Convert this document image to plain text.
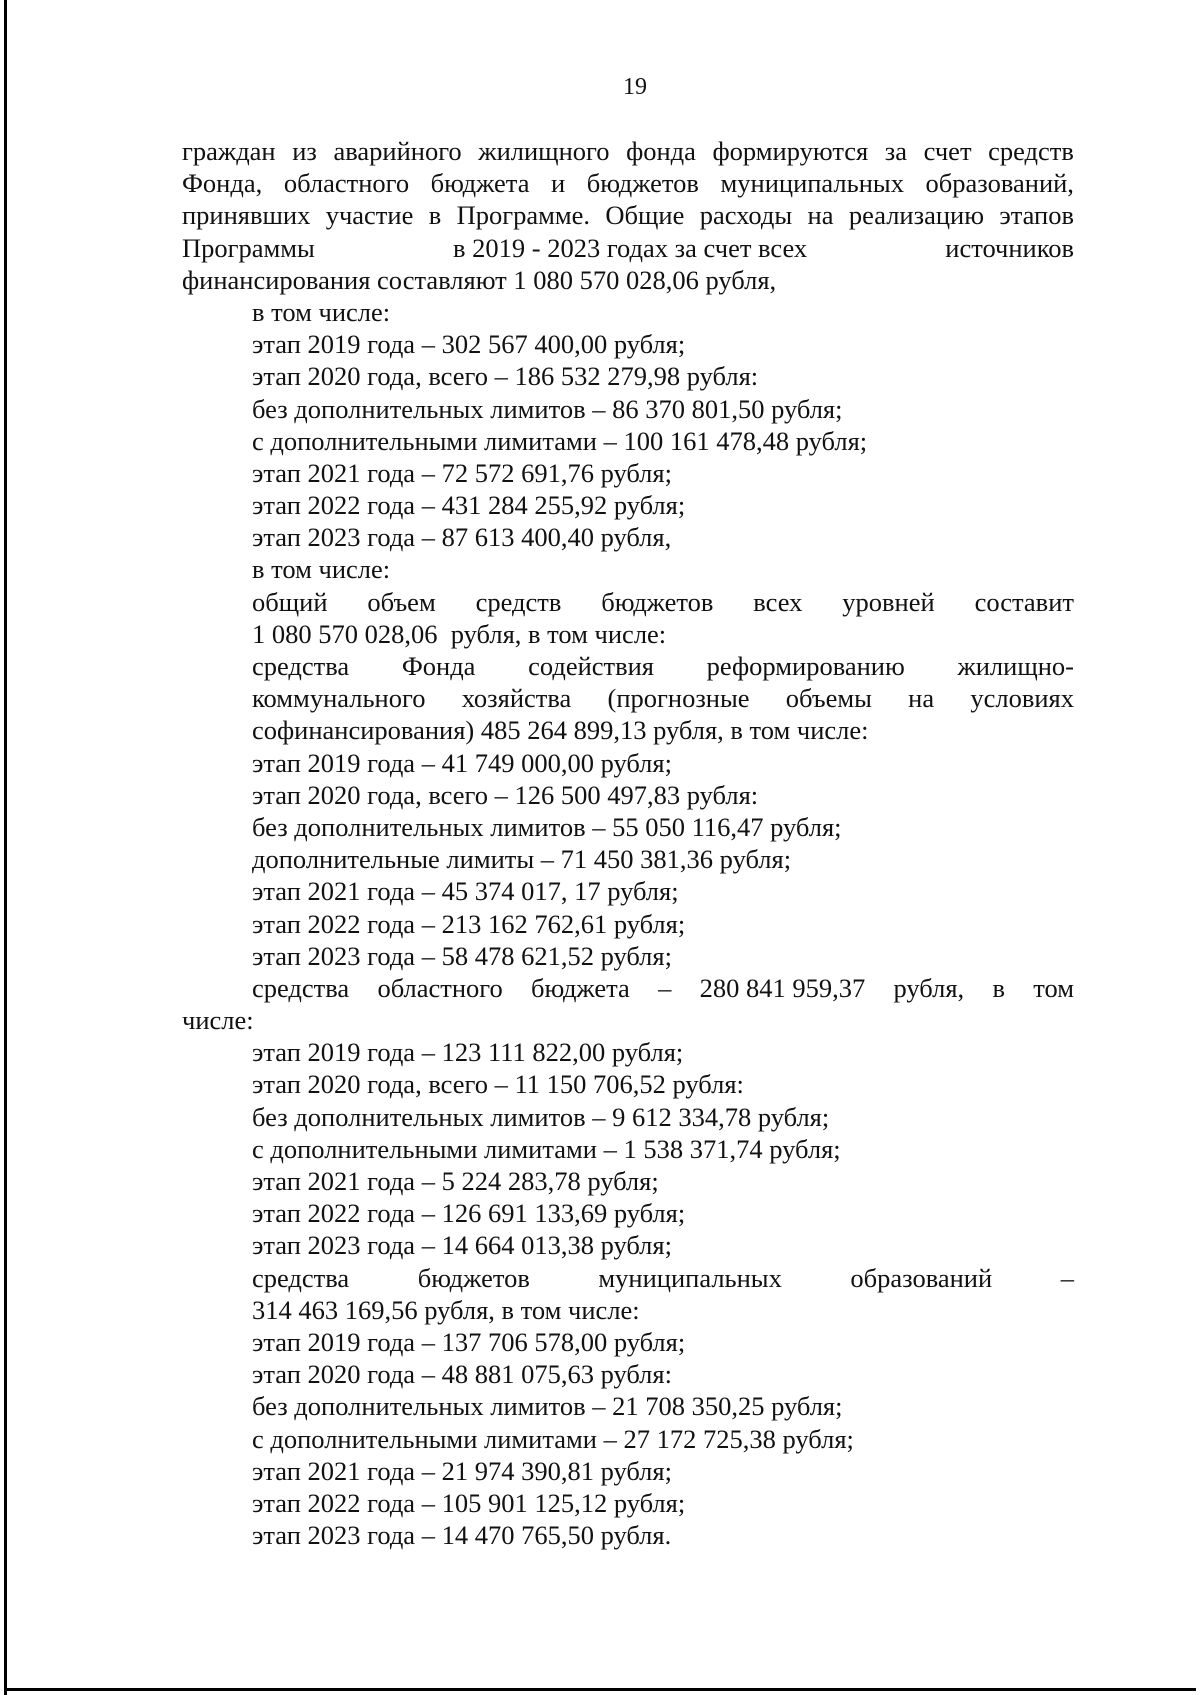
19
граждан из аварийного жилищного фонда формируются за счет средств
Фонда, областного бюджета и бюджетов муниципальных образований,
принявших участие в Программе. Общие расходы на реализацию этапов
Программы	в 2019 - 2023 годах за счет всех	источников
финансирования составляют 1 080 570 028,06 рубля,
в том числе:
этап 2019 года – 302 567 400,00 рубля;
этап 2020 года, всего – 186 532 279,98 рубля:
без дополнительных лимитов – 86 370 801,50 рубля;
с дополнительными лимитами – 100 161 478,48 рубля;
этап 2021 года – 72 572 691,76 рубля;
этап 2022 года – 431 284 255,92 рубля;
этап 2023 года – 87 613 400,40 рубля,
в том числе:
общий объем средств бюджетов всех уровней составит
1 080 570 028,06  рубля, в том числе:
средства Фонда содействия реформированию жилищно-
коммунального хозяйства (прогнозные объемы на условиях
софинансирования) 485 264 899,13 рубля, в том числе:
этап 2019 года – 41 749 000,00 рубля;
этап 2020 года, всего – 126 500 497,83 рубля:
без дополнительных лимитов – 55 050 116,47 рубля;
дополнительные лимиты – 71 450 381,36 рубля;
этап 2021 года – 45 374 017, 17 рубля;
этап 2022 года – 213 162 762,61 рубля;
этап 2023 года – 58 478 621,52 рубля;
средства областного бюджета – 280 841 959,37 рубля, в том
числе:
этап 2019 года – 123 111 822,00 рубля;
этап 2020 года, всего – 11 150 706,52 рубля:
без дополнительных лимитов – 9 612 334,78 рубля;
с дополнительными лимитами – 1 538 371,74 рубля;
этап 2021 года – 5 224 283,78 рубля;
этап 2022 года – 126 691 133,69 рубля;
этап 2023 года – 14 664 013,38 рубля;
средства	бюджетов	муниципальных	образований	–
314 463 169,56 рубля, в том числе:
этап 2019 года – 137 706 578,00 рубля;
этап 2020 года – 48 881 075,63 рубля:
без дополнительных лимитов – 21 708 350,25 рубля;
с дополнительными лимитами – 27 172 725,38 рубля;
этап 2021 года – 21 974 390,81 рубля;
этап 2022 года – 105 901 125,12 рубля;
этап 2023 года – 14 470 765,50 рубля.
